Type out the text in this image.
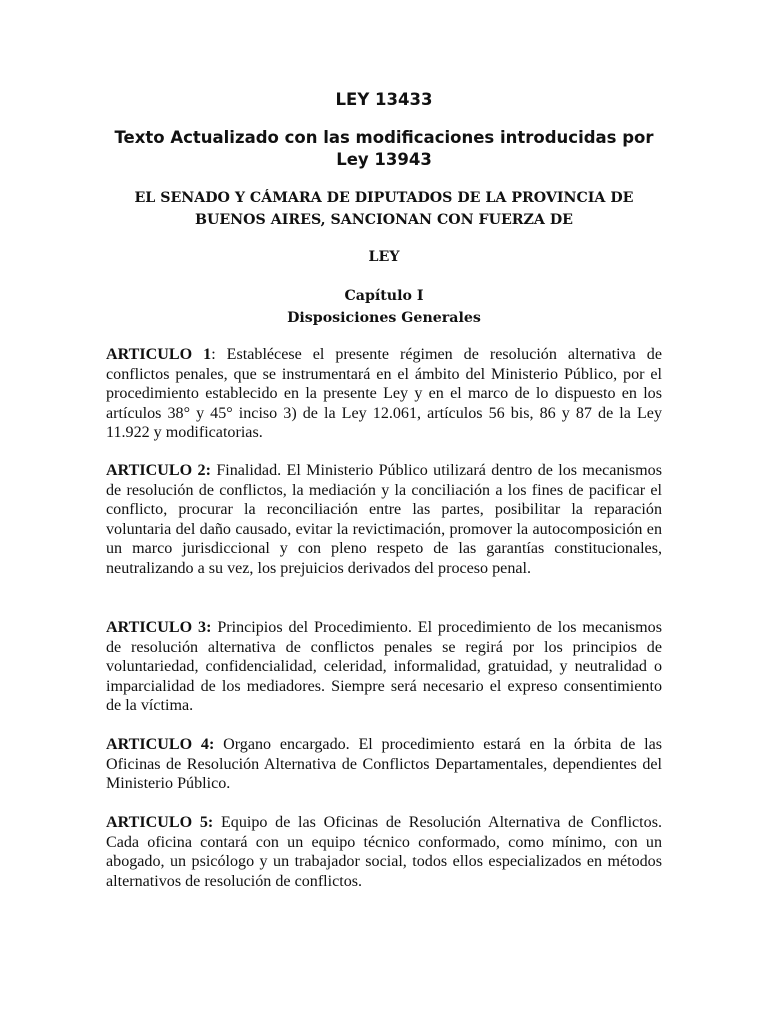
LEY 13433
Texto Actualizado con las modificaciones introducidas por Ley 13943
EL SENADO Y CÁMARA DE DIPUTADOS DE LA PROVINCIA DE BUENOS AIRES, SANCIONAN CON FUERZA DE
LEY
Capítulo I
Disposiciones Generales

ARTICULO 1: Establécese el presente régimen de resolución alternativa de conflictos penales, que se instrumentará en el ámbito del Ministerio Público, por el procedimiento establecido en la presente Ley y en el marco de lo dispuesto en los artículos 38° y 45° inciso 3) de la Ley 12.061, artículos 56 bis, 86 y 87 de la Ley 11.922 y modificatorias.

ARTICULO 2: Finalidad. El Ministerio Público utilizará dentro de los mecanismos de resolución de conflictos, la mediación y la conciliación a los fines de pacificar el conflicto, procurar la reconciliación entre las partes, posibilitar la reparación voluntaria del daño causado, evitar la revictimación, promover la autocomposición en un marco jurisdiccional y con pleno respeto de las garantías constitucionales, neutralizando a su vez, los prejuicios derivados del proceso penal.

ARTICULO 3: Principios del Procedimiento. El procedimiento de los mecanismos de resolución alternativa de conflictos penales se regirá por los principios de voluntariedad, confidencialidad, celeridad, informalidad, gratuidad, y neutralidad o imparcialidad de los mediadores. Siempre será necesario el expreso consentimiento de la víctima.

ARTICULO 4: Organo encargado. El procedimiento estará en la órbita de las Oficinas de Resolución Alternativa de Conflictos Departamentales, dependientes del Ministerio Público.

ARTICULO 5: Equipo de las Oficinas de Resolución Alternativa de Conflictos. Cada oficina contará con un equipo técnico conformado, como mínimo, con un abogado, un psicólogo y un trabajador social, todos ellos especializados en métodos alternativos de resolución de conflictos.
